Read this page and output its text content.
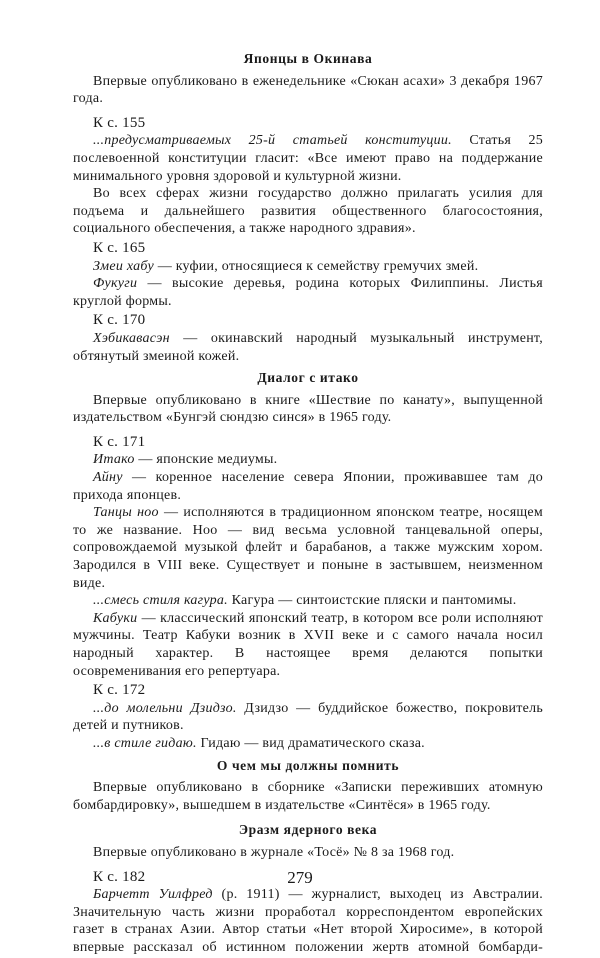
Японцы в Окинава

Впервые опубликовано в еженедельнике «Сюкан асахи» 3 декабря 1967 года.

К с. 155

...предусматриваемых 25-й статьей конституции. Статья 25 послевоенной конституции гласит: «Все имеют право на поддержание минимального уровня здоровой и культурной жизни.

Во всех сферах жизни государство должно прилагать усилия для подъема и дальнейшего развития общественного благосостояния, социального обеспечения, а также народного здравия».

К с. 165

Змеи хабу — куфии, относящиеся к семейству гремучих змей.

Фукуги — высокие деревья, родина которых Филиппины. Листья круглой формы.

К с. 170

Хэбикавасэн — окинавский народный музыкальный инструмент, обтянутый змеиной кожей.

Диалог с итако

Впервые опубликовано в книге «Шествие по канату», выпущенной издательством «Бунгэй сюндзю синся» в 1965 году.

К с. 171

Итако — японские медиумы.

Айну — коренное население севера Японии, проживавшее там до прихода японцев.

Танцы ноо — исполняются в традиционном японском театре, носящем то же название. Ноо — вид весьма условной танцевальной оперы, сопровождаемой музыкой флейт и барабанов, а также мужским хором. Зародился в VIII веке. Существует и поныне в застывшем, неизменном виде.

...смесь стиля кагура. Кагура — синтоистские пляски и пантомимы.

Кабуки — классический японский театр, в котором все роли исполняют мужчины. Театр Кабуки возник в XVII веке и с самого начала носил народный характер. В настоящее время делаются попытки осовременивания его репертуара.

К с. 172

...до молельни Дзидзо. Дзидзо — буддийское божество, покровитель детей и путников.

...в стиле гидаю. Гидаю — вид драматического сказа.

О чем мы должны помнить

Впервые опубликовано в сборнике «Записки переживших атомную бомбардировку», вышедшем в издательстве «Синтёся» в 1965 году.

Эразм ядерного века

Впервые опубликовано в журнале «Тосё» № 8 за 1968 год.

К с. 182

Барчетт Уилфред (р. 1911) — журналист, выходец из Австралии. Значительную часть жизни проработал корреспондентом европейских газет в странах Азии. Автор статьи «Нет второй Хиросиме», в которой впервые рассказал об истинном положении жертв атомной бомбарди-

279
